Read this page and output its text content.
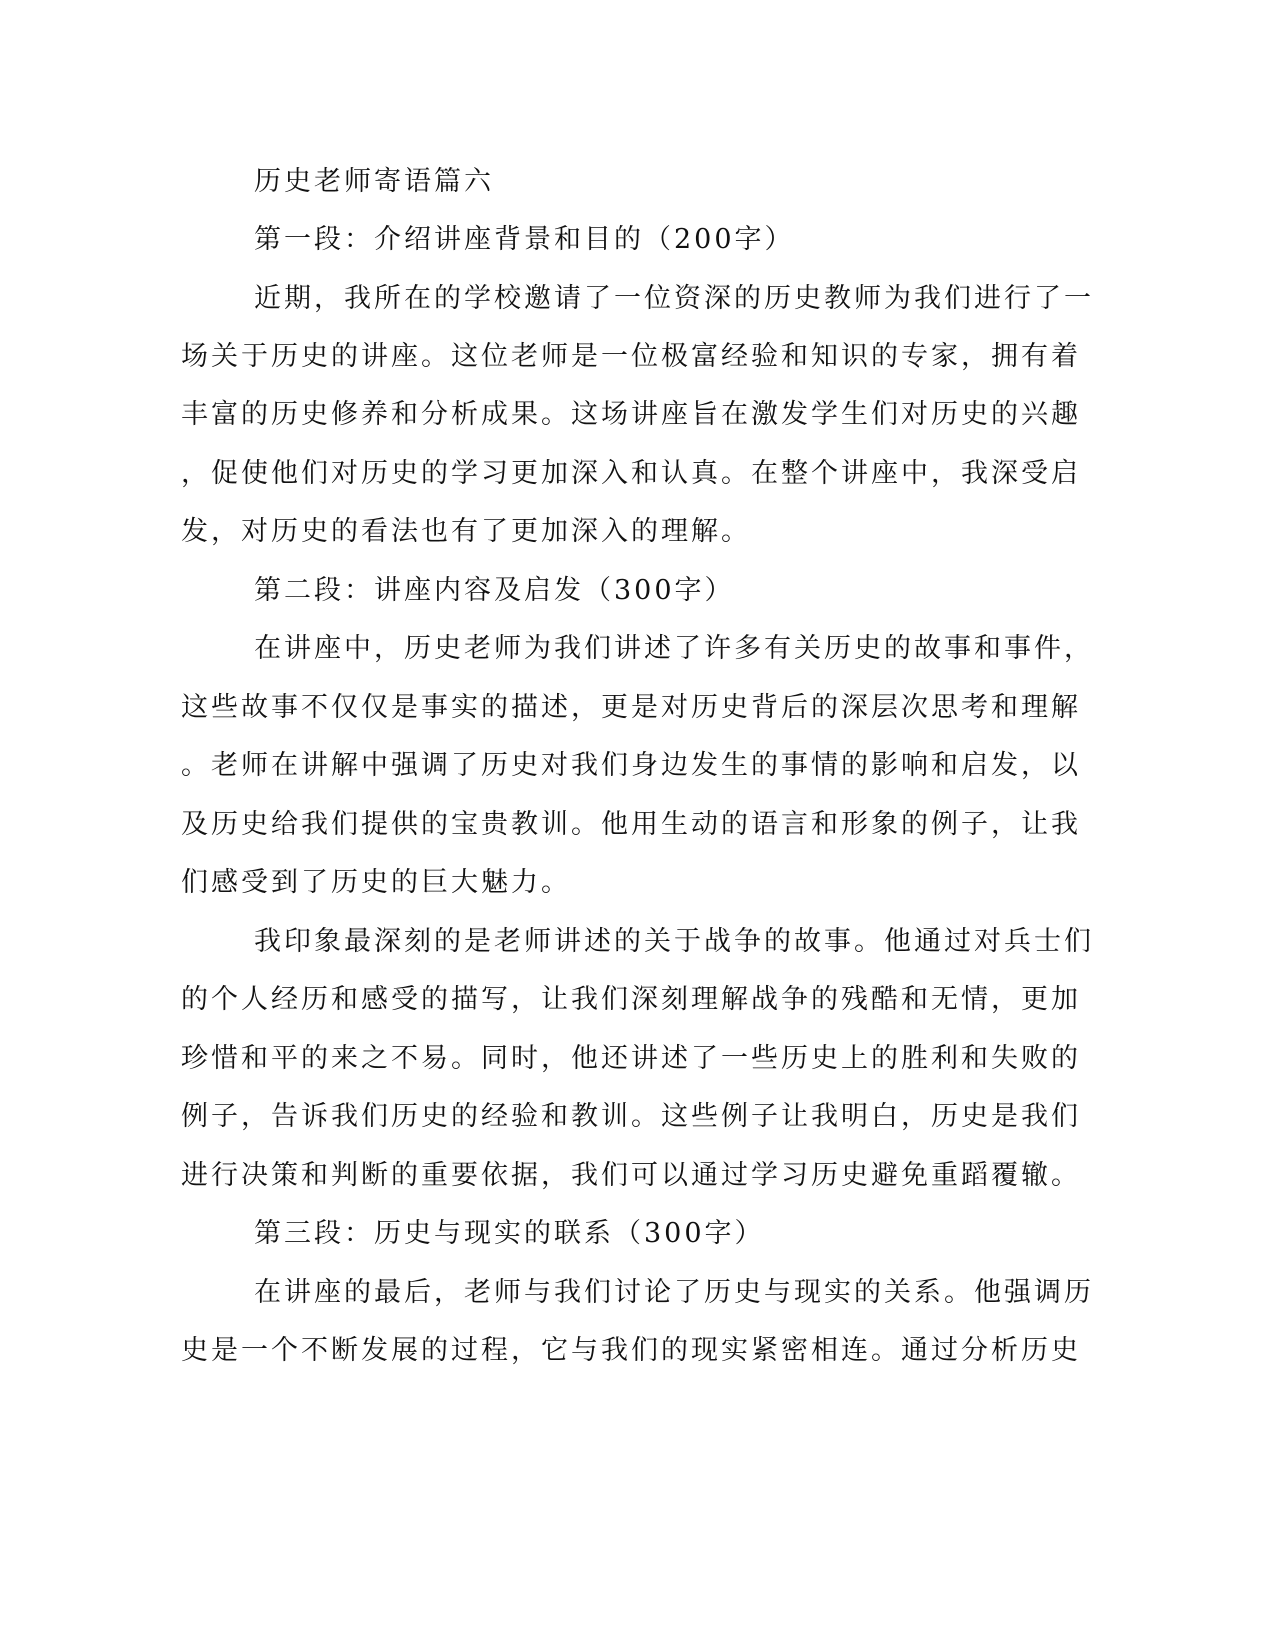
历史老师寄语篇六
第一段：介绍讲座背景和目的（200字）
近期，我所在的学校邀请了一位资深的历史教师为我们进行了一
场关于历史的讲座。这位老师是一位极富经验和知识的专家，拥有着
丰富的历史修养和分析成果。这场讲座旨在激发学生们对历史的兴趣
，促使他们对历史的学习更加深入和认真。在整个讲座中，我深受启
发，对历史的看法也有了更加深入的理解。
第二段：讲座内容及启发（300字）
在讲座中，历史老师为我们讲述了许多有关历史的故事和事件，
这些故事不仅仅是事实的描述，更是对历史背后的深层次思考和理解
。老师在讲解中强调了历史对我们身边发生的事情的影响和启发，以
及历史给我们提供的宝贵教训。他用生动的语言和形象的例子，让我
们感受到了历史的巨大魅力。
我印象最深刻的是老师讲述的关于战争的故事。他通过对兵士们
的个人经历和感受的描写，让我们深刻理解战争的残酷和无情，更加
珍惜和平的来之不易。同时，他还讲述了一些历史上的胜利和失败的
例子，告诉我们历史的经验和教训。这些例子让我明白，历史是我们
进行决策和判断的重要依据，我们可以通过学习历史避免重蹈覆辙。
第三段：历史与现实的联系（300字）
在讲座的最后，老师与我们讨论了历史与现实的关系。他强调历
史是一个不断发展的过程，它与我们的现实紧密相连。通过分析历史
